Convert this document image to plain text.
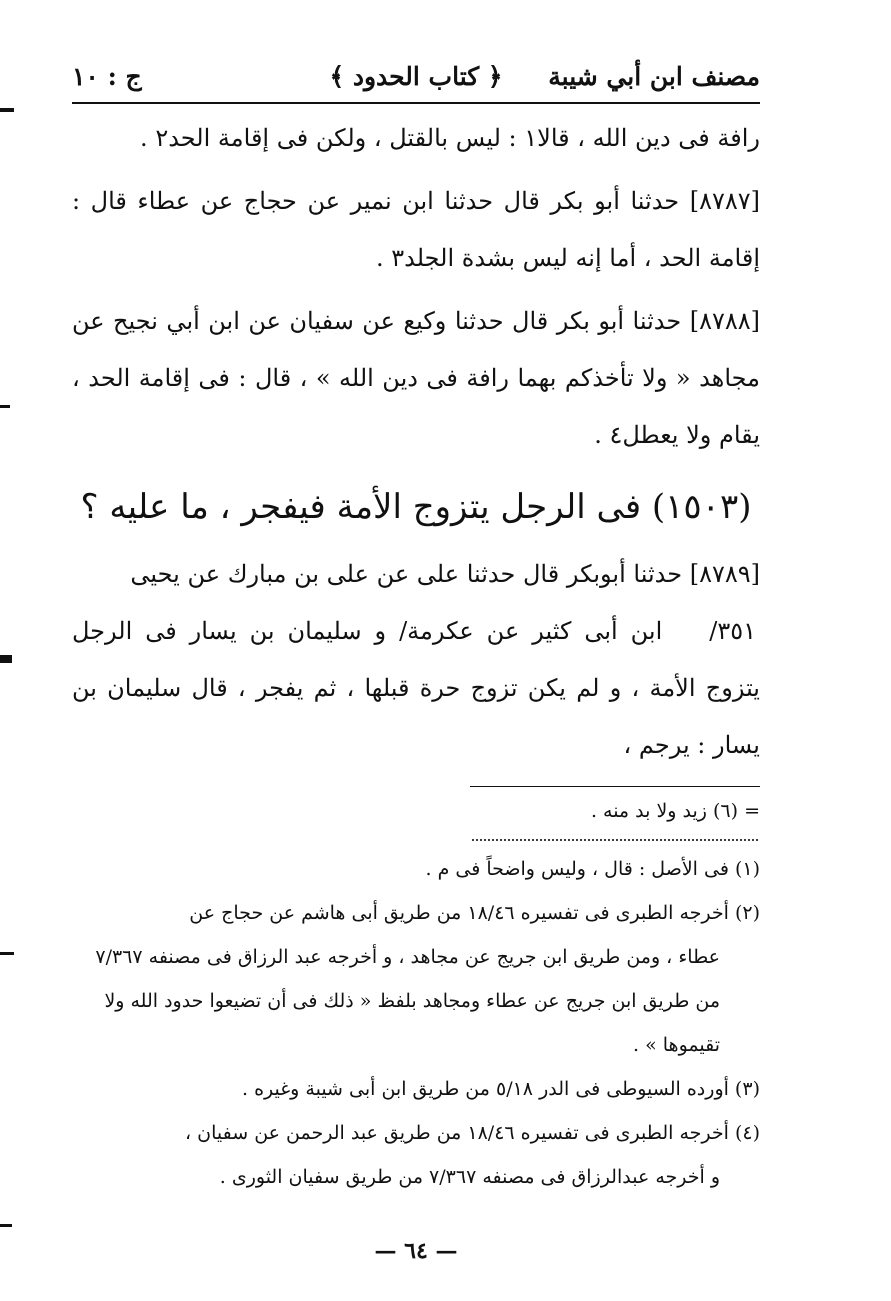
مصنف ابن أبي شيبة
﴿ كتاب الحدود ﴾
ج : ١٠

رافة فى دين الله ، قالا١ : ليس بالقتل ، ولكن فى إقامة الحد٢ .

[٨٧٨٧] حدثنا أبو بكر قال حدثنا ابن نمير عن حجاج عن عطاء قال : إقامة الحد ، أما إنه ليس بشدة الجلد٣ .

[٨٧٨٨] حدثنا أبو بكر قال حدثنا وكيع عن سفيان عن ابن أبي نجيح عن مجاهد « ولا تأخذكم بهما رافة فى دين الله » ، قال : فى إقامة الحد ، يقام ولا يعطل٤ .

(١٥٠٣) فى الرجل يتزوج الأمة فيفجر ، ما عليه ؟

[٨٧٨٩] حدثنا أبوبكر قال حدثنا على عن على بن مبارك عن يحيى
٣٥١/ ابن أبى كثير عن عكرمة/ و سليمان بن يسار فى الرجل يتزوج الأمة ، و لم يكن تزوج حرة قبلها ، ثم يفجر ، قال سليمان بن يسار : يرجم ،

= (٦) زيد ولا بد منه .

(١) فى الأصل : قال ، وليس واضحاً فى م .

(٢) أخرجه الطبرى فى تفسيره ١٨/٤٦ من طريق أبى هاشم عن حجاج عن

عطاء ، ومن طريق ابن جريج عن مجاهد ، و أخرجه عبد الرزاق فى مصنفه ٧/٣٦٧ من طريق ابن جريج عن عطاء ومجاهد بلفظ « ذلك فى أن تضيعوا حدود الله ولا تقيموها » .

(٣) أورده السيوطى فى الدر ٥/١٨ من طريق ابن أبى شيبة وغيره .

(٤) أخرجه الطبرى فى تفسيره ١٨/٤٦ من طريق عبد الرحمن عن سفيان ،

و أخرجه عبدالرزاق فى مصنفه ٧/٣٦٧ من طريق سفيان الثورى .

— ٦٤ —
